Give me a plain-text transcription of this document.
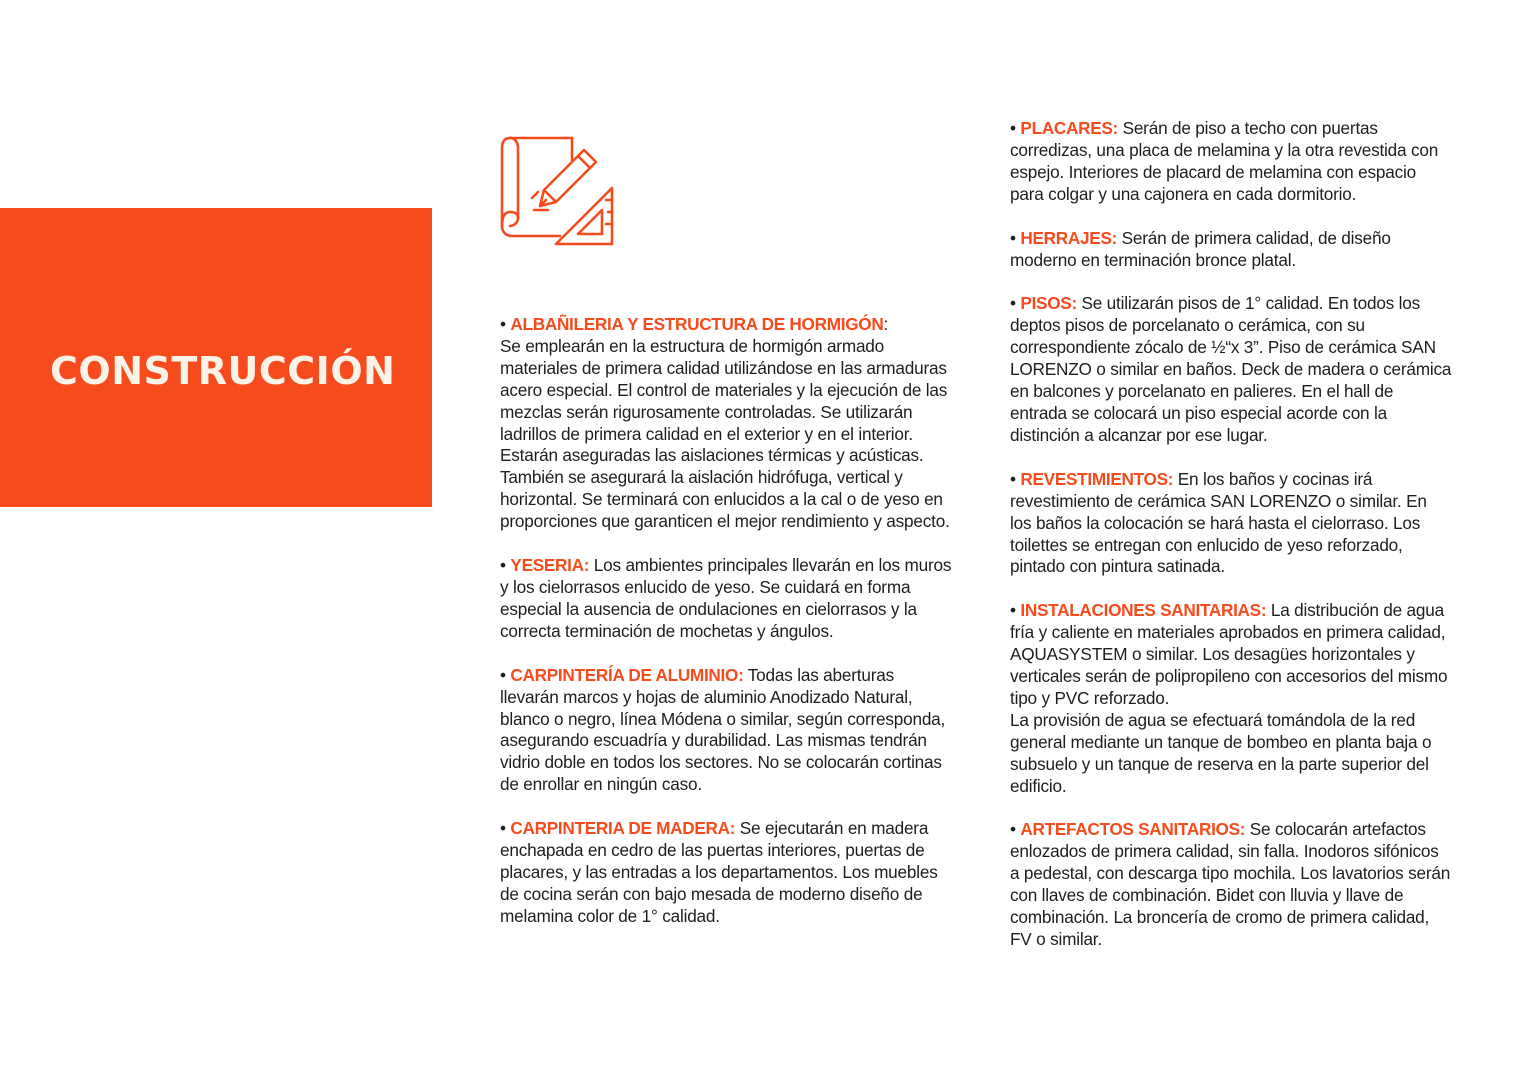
CONSTRUCCIÓN
• ALBAÑILERIA Y ESTRUCTURA DE HORMIGÓN:
Se emplearán en la estructura de hormigón armado materiales de primera calidad utilizándose en las armaduras acero especial. El control de materiales y la ejecución de las mezclas serán rigurosamente controladas. Se utilizarán ladrillos de primera calidad en el exterior y en el interior. Estarán aseguradas las aislaciones térmicas y acústicas. También se asegurará la aislación hidrófuga, vertical y horizontal. Se terminará con enlucidos a la cal o de yeso en proporciones que garanticen el mejor rendimiento y aspecto.
• YESERIA: Los ambientes principales llevarán en los muros y los cielorrasos enlucido de yeso. Se cuidará en forma especial la ausencia de ondulaciones en cielorrasos y la correcta terminación de mochetas y ángulos.
• CARPINTERÍA DE ALUMINIO: Todas las aberturas llevarán marcos y hojas de aluminio Anodizado Natural, blanco o negro, línea Módena o similar, según corresponda, asegurando escuadría y durabilidad. Las mismas tendrán vidrio doble en todos los sectores. No se colocarán cortinas de enrollar en ningún caso.
• CARPINTERIA DE MADERA: Se ejecutarán en madera enchapada en cedro de las puertas interiores, puertas de placares, y las entradas a los departamentos. Los muebles de cocina serán con bajo mesada de moderno diseño de melamina color de 1° calidad.
• PLACARES: Serán de piso a techo con puertas corredizas, una placa de melamina y la otra revestida con espejo. Interiores de placard de melamina con espacio para colgar y una cajonera en cada dormitorio.
• HERRAJES: Serán de primera calidad, de diseño moderno en terminación bronce platal.
• PISOS: Se utilizarán pisos de 1° calidad. En todos los deptos pisos de porcelanato o cerámica, con su correspondiente zócalo de ½“x 3”. Piso de cerámica SAN LORENZO o similar en baños. Deck de madera o cerámica en balcones y porcelanato en palieres. En el hall de entrada se colocará un piso especial acorde con la distinción a alcanzar por ese lugar.
• REVESTIMIENTOS: En los baños y cocinas irá revestimiento de cerámica SAN LORENZO o similar. En los baños la colocación se hará hasta el cielorraso. Los toilettes se entregan con enlucido de yeso reforzado, pintado con pintura satinada.
• INSTALACIONES SANITARIAS: La distribución de agua fría y caliente en materiales aprobados en primera calidad, AQUASYSTEM o similar. Los desagües horizontales y verticales serán de polipropileno con accesorios del mismo tipo y PVC reforzado.
La provisión de agua se efectuará tomándola de la red general mediante un tanque de bombeo en planta baja o subsuelo y un tanque de reserva en la parte superior del edificio.
• ARTEFACTOS SANITARIOS: Se colocarán artefactos enlozados de primera calidad, sin falla. Inodoros sifónicos a pedestal, con descarga tipo mochila. Los lavatorios serán con llaves de combinación. Bidet con lluvia y llave de combinación. La broncería de cromo de primera calidad, FV o similar.
